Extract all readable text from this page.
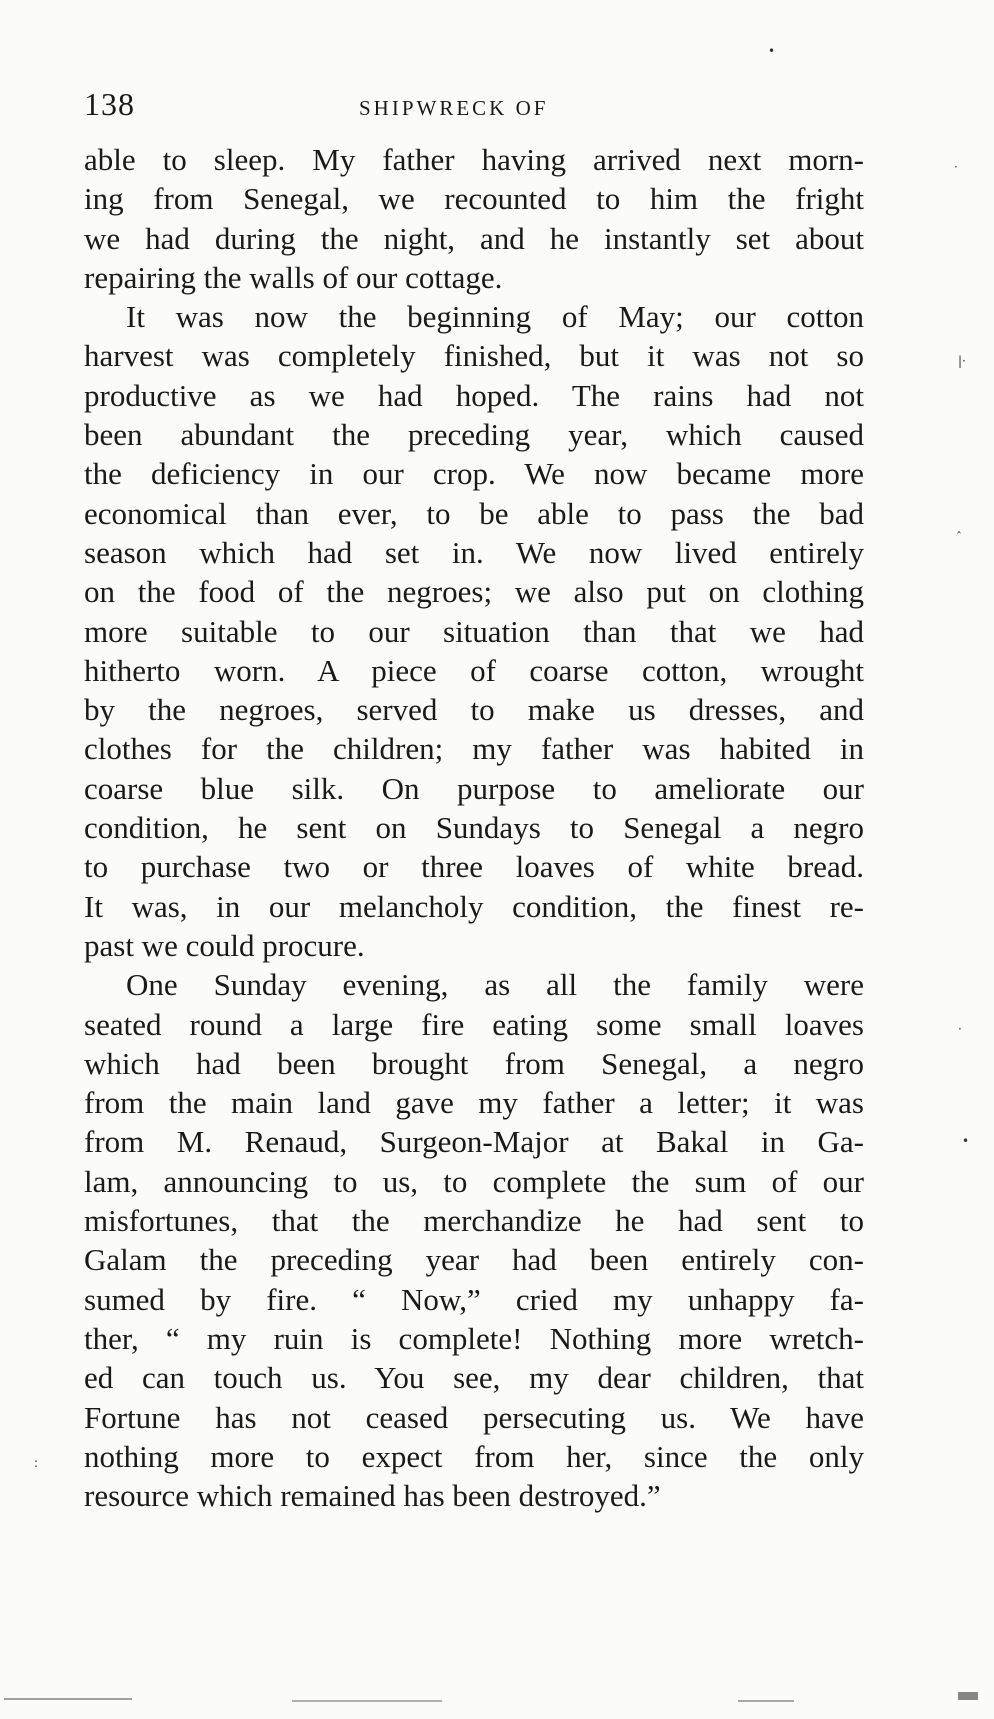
138	SHIPWRECK OF
able to sleep. My father having arrived next morn-
ing from Senegal, we recounted to him the fright
we had during the night, and he instantly set about
repairing the walls of our cottage.
It was now the beginning of May; our cotton
harvest was completely finished, but it was not so
productive as we had hoped. The rains had not
been abundant the preceding year, which caused
the deficiency in our crop. We now became more
economical than ever, to be able to pass the bad
season which had set in. We now lived entirely
on the food of the negroes; we also put on clothing
more suitable to our situation than that we had
hitherto worn. A piece of coarse cotton, wrought
by the negroes, served to make us dresses, and
clothes for the children; my father was habited in
coarse blue silk. On purpose to ameliorate our
condition, he sent on Sundays to Senegal a negro
to purchase two or three loaves of white bread.
It was, in our melancholy condition, the finest re-
past we could procure.
One Sunday evening, as all the family were
seated round a large fire eating some small loaves
which had been brought from Senegal, a negro
from the main land gave my father a letter; it was
from M. Renaud, Surgeon-Major at Bakal in Ga-
lam, announcing to us, to complete the sum of our
misfortunes, that the merchandize he had sent to
Galam the preceding year had been entirely con-
sumed by fire. “ Now,” cried my unhappy fa-
ther, “ my ruin is complete! Nothing more wretch-
ed can touch us. You see, my dear children, that
Fortune has not ceased persecuting us. We have
nothing more to expect from her, since the only
resource which remained has been destroyed.”
•
·
|·
ˆ
·
•
:
